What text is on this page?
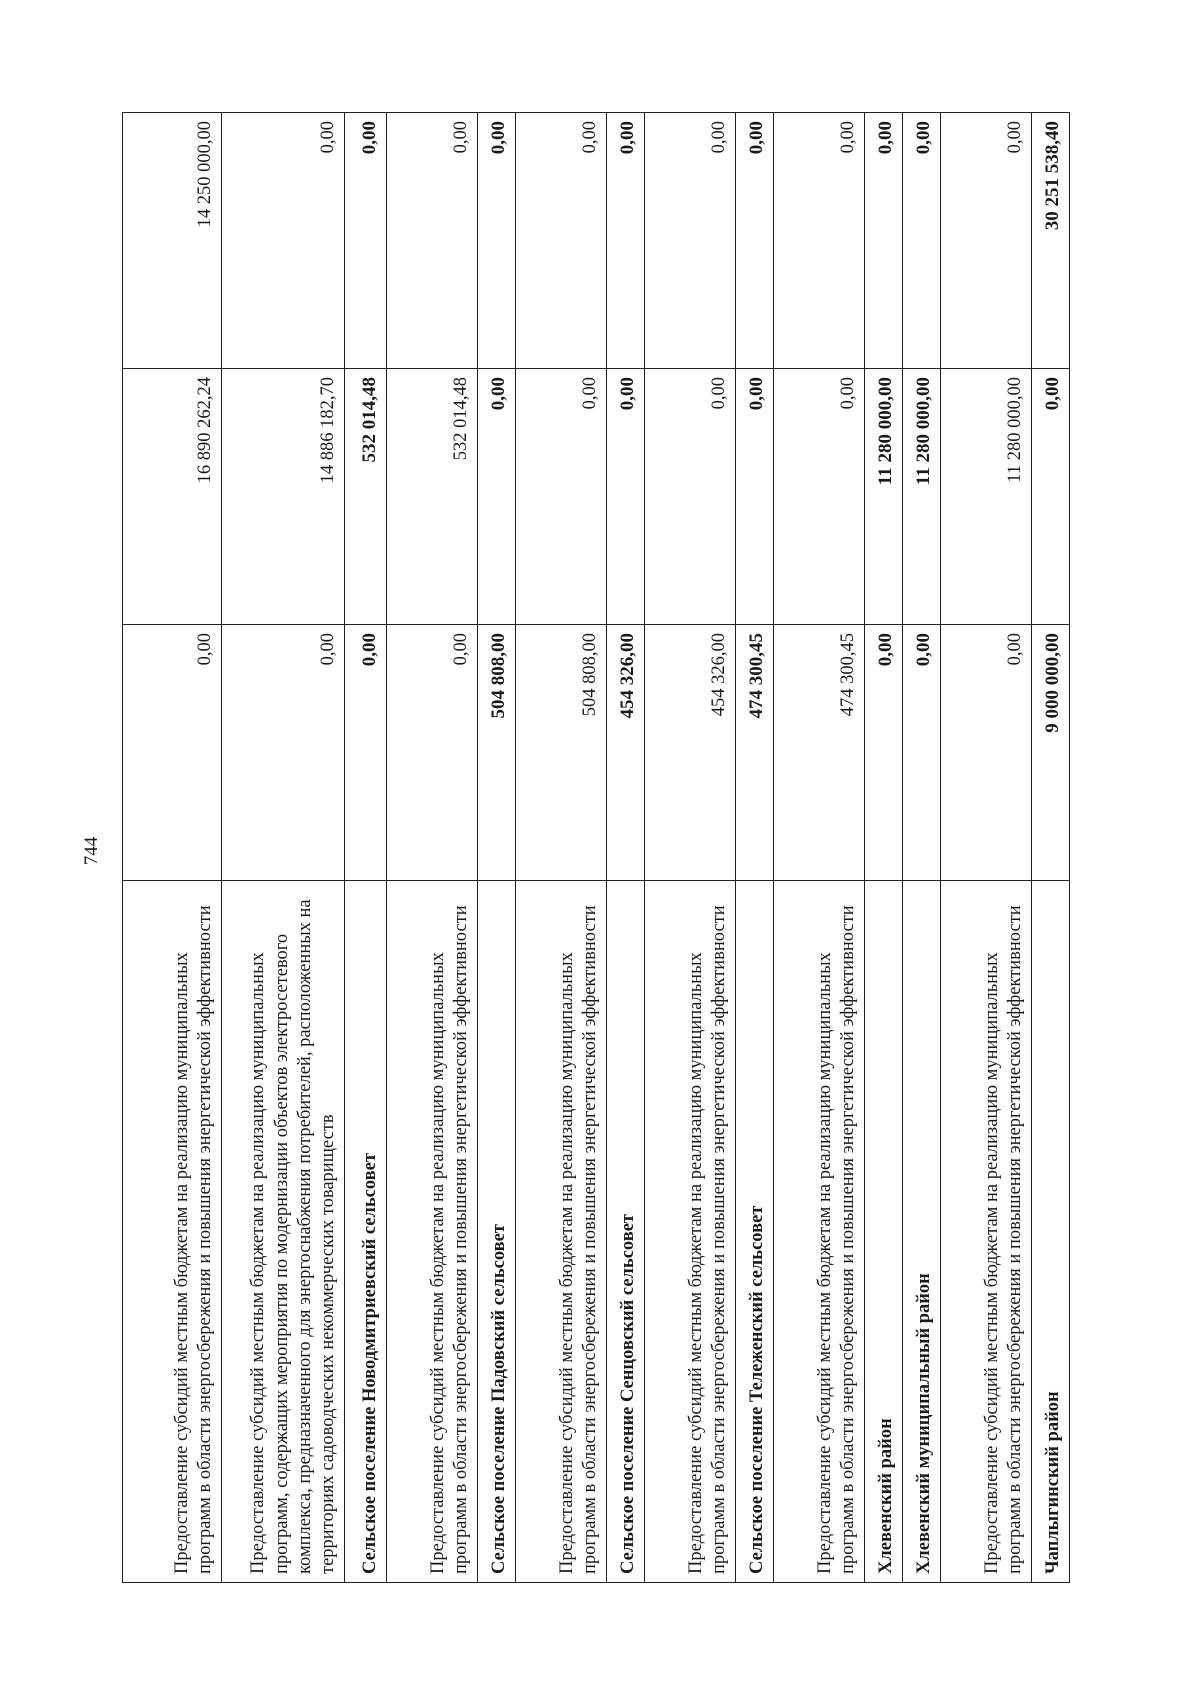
744
Предоставление субсидий местным бюджетам на реализацию муниципальных программ в области энергосбережения и повышения энергетической эффективности	0,00	16 890 262,24	14 250 000,00
Предоставление субсидий местным бюджетам на реализацию муниципальных программ, содержащих мероприятия по модернизации объектов электросетевого комплекса, предназначенного для энергоснабжения потребителей, расположенных на территориях садоводческих некоммерческих товариществ	0,00	14 886 182,70	0,00
Сельское поселение Новодмитриевский сельсовет	0,00	532 014,48	0,00
Предоставление субсидий местным бюджетам на реализацию муниципальных программ в области энергосбережения и повышения энергетической эффективности	0,00	532 014,48	0,00
Сельское поселение Падовский сельсовет	504 808,00	0,00	0,00
Предоставление субсидий местным бюджетам на реализацию муниципальных программ в области энергосбережения и повышения энергетической эффективности	504 808,00	0,00	0,00
Сельское поселение Сенцовский сельсовет	454 326,00	0,00	0,00
Предоставление субсидий местным бюджетам на реализацию муниципальных программ в области энергосбережения и повышения энергетической эффективности	454 326,00	0,00	0,00
Сельское поселение Тележенский сельсовет	474 300,45	0,00	0,00
Предоставление субсидий местным бюджетам на реализацию муниципальных программ в области энергосбережения и повышения энергетической эффективности	474 300,45	0,00	0,00
Хлевенский район	0,00	11 280 000,00	0,00
Хлевенский муниципальный район	0,00	11 280 000,00	0,00
Предоставление субсидий местным бюджетам на реализацию муниципальных программ в области энергосбережения и повышения энергетической эффективности	0,00	11 280 000,00	0,00
Чаплыгинский район	9 000 000,00	0,00	30 251 538,40
